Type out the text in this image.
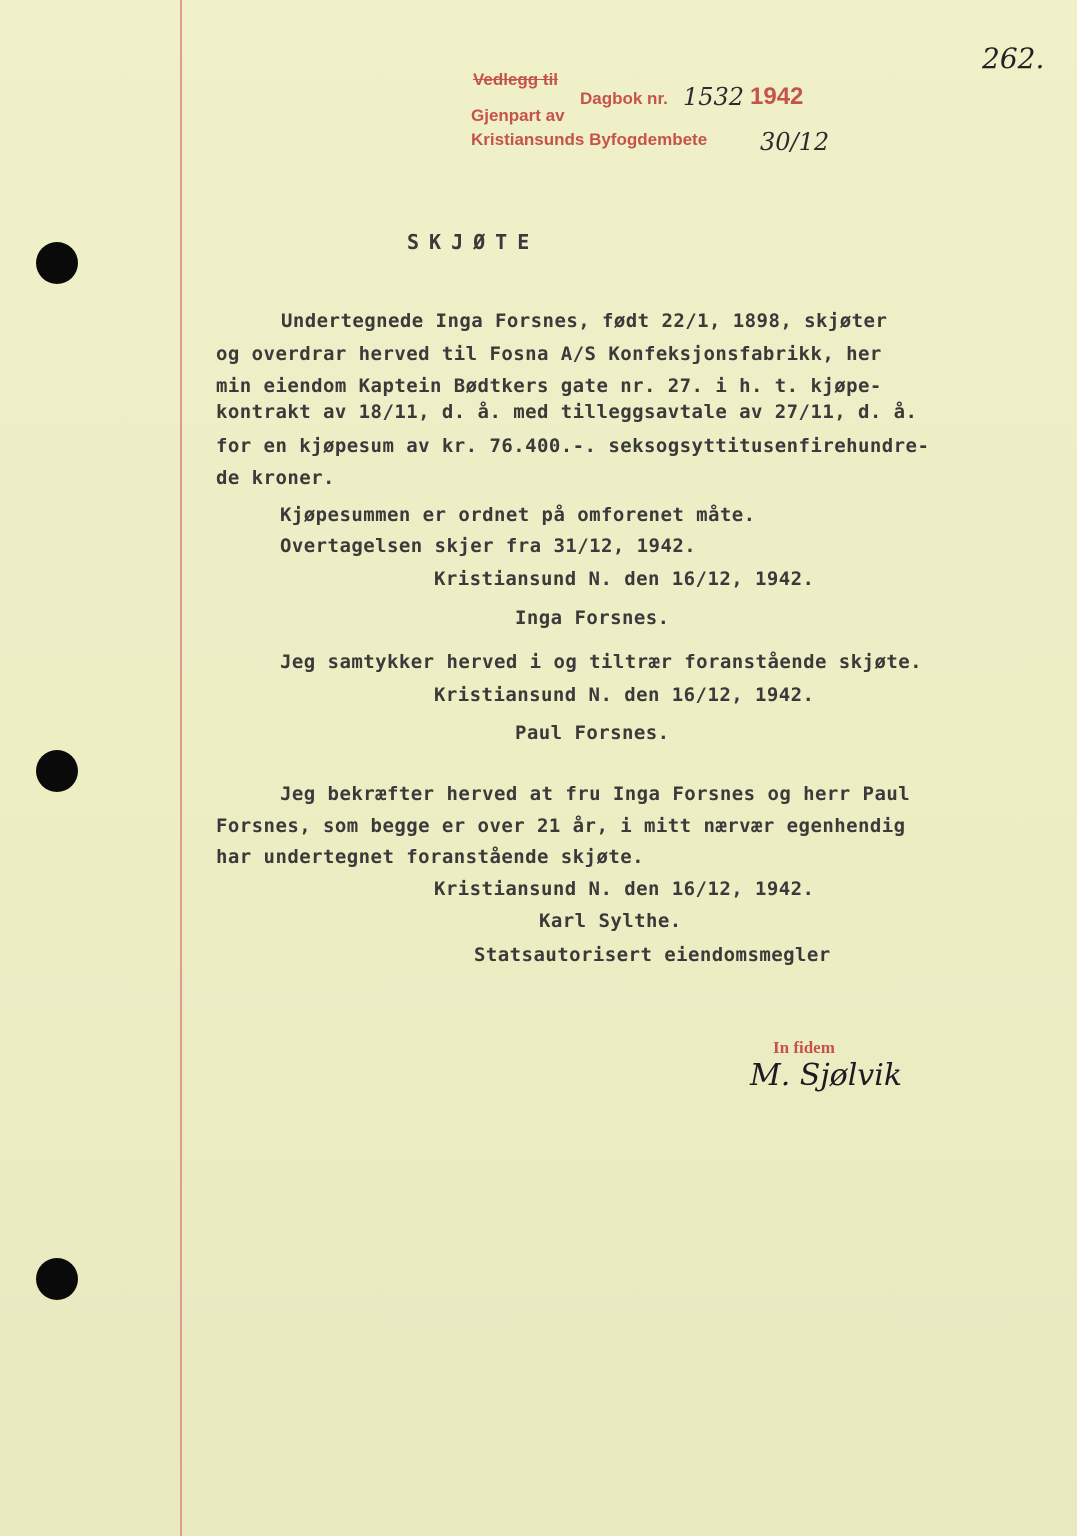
262.
Vedlegg til
Dagbok nr.
Gjenpart av
Kristiansunds Byfogdembete
1532 1942
30/12
SKJØTE
Undertegnede Inga Forsnes, født 22/1, 1898, skjøter
og overdrar herved til Fosna A/S Konfeksjonsfabrikk, her
min eiendom Kaptein Bødtkers gate nr. 27. i h. t. kjøpe-
kontrakt av 18/11, d. å. med tilleggsavtale av 27/11, d. å.
for en kjøpesum av kr. 76.400.-. seksogsyttitusenfirehundre-
de kroner.
Kjøpesummen er ordnet på omforenet måte.
Overtagelsen skjer fra 31/12, 1942.
Kristiansund N. den 16/12, 1942.
Inga Forsnes.
Jeg samtykker herved i og tiltrær foranstående skjøte.
Kristiansund N. den 16/12, 1942.
Paul Forsnes.
Jeg bekræfter herved at fru Inga Forsnes og herr Paul
Forsnes, som begge er over 21 år, i mitt nærvær egenhendig
har undertegnet foranstående skjøte.
Kristiansund N. den 16/12, 1942.
Karl Sylthe.
Statsautorisert eiendomsmegler
In fidem
M. Sjølvik
